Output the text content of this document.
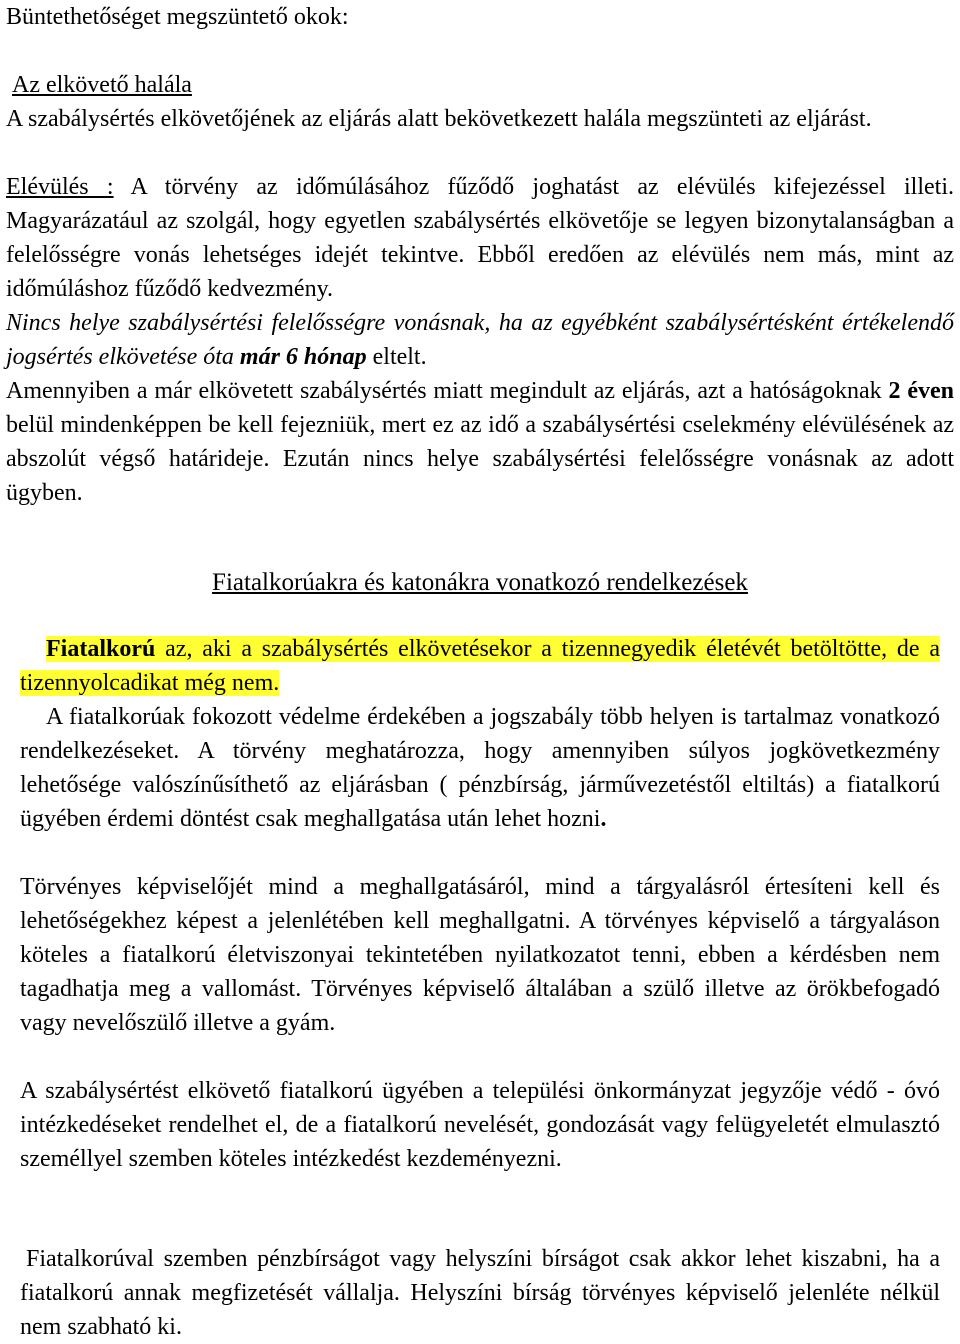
Büntethetőséget megszüntető okok:
Az elkövető halála
A szabálysértés elkövetőjének az eljárás alatt bekövetkezett halála megszünteti az eljárást.
Elévülés : A törvény az időmúlásához fűződő joghatást az elévülés kifejezéssel illeti. Magyarázatául az szolgál, hogy egyetlen szabálysértés elkövetője se legyen bizonytalanságban a felelősségre vonás lehetséges idejét tekintve. Ebből eredően az elévülés nem más, mint az időmúláshoz fűződő kedvezmény.
Nincs helye szabálysértési felelősségre vonásnak, ha az egyébként szabálysértésként értékelendő jogsértés elkövetése óta már 6 hónap eltelt.
Amennyiben a már elkövetett szabálysértés miatt megindult az eljárás, azt a hatóságoknak 2 éven belül mindenképpen be kell fejezniük, mert ez az idő a szabálysértési cselekmény elévülésének az abszolút végső határideje. Ezután nincs helye szabálysértési felelősségre vonásnak az adott ügyben.
Fiatalkorúakra és katonákra vonatkozó rendelkezések
Fiatalkorú az, aki a szabálysértés elkövetésekor a tizennegyedik életévét betöltötte, de a tizennyolcadikat még nem.
A fiatalkorúak fokozott védelme érdekében a jogszabály több helyen is tartalmaz vonatkozó rendelkezéseket. A törvény meghatározza, hogy amennyiben súlyos jogkövetkezmény lehetősége valószínűsíthető az eljárásban ( pénzbírság, járművezetéstől eltiltás) a fiatalkorú ügyében érdemi döntést csak meghallgatása után lehet hozni.
Törvényes képviselőjét mind a meghallgatásáról, mind a tárgyalásról értesíteni kell és lehetőségekhez képest a jelenlétében kell meghallgatni. A törvényes képviselő a tárgyaláson köteles a fiatalkorú életviszonyai tekintetében nyilatkozatot tenni, ebben a kérdésben nem tagadhatja meg a vallomást. Törvényes képviselő általában a szülő illetve az örökbefogadó vagy nevelőszülő illetve a gyám.
A szabálysértést elkövető fiatalkorú ügyében a települési önkormányzat jegyzője védő - óvó intézkedéseket rendelhet el, de a fiatalkorú nevelését, gondozását vagy felügyeletét elmulasztó személlyel szemben köteles intézkedést kezdeményezni.
Fiatalkorúval szemben pénzbírságot vagy helyszíni bírságot csak akkor lehet kiszabni, ha a fiatalkorú annak megfizetését vállalja. Helyszíni bírság törvényes képviselő jelenléte nélkül nem szabható ki.
